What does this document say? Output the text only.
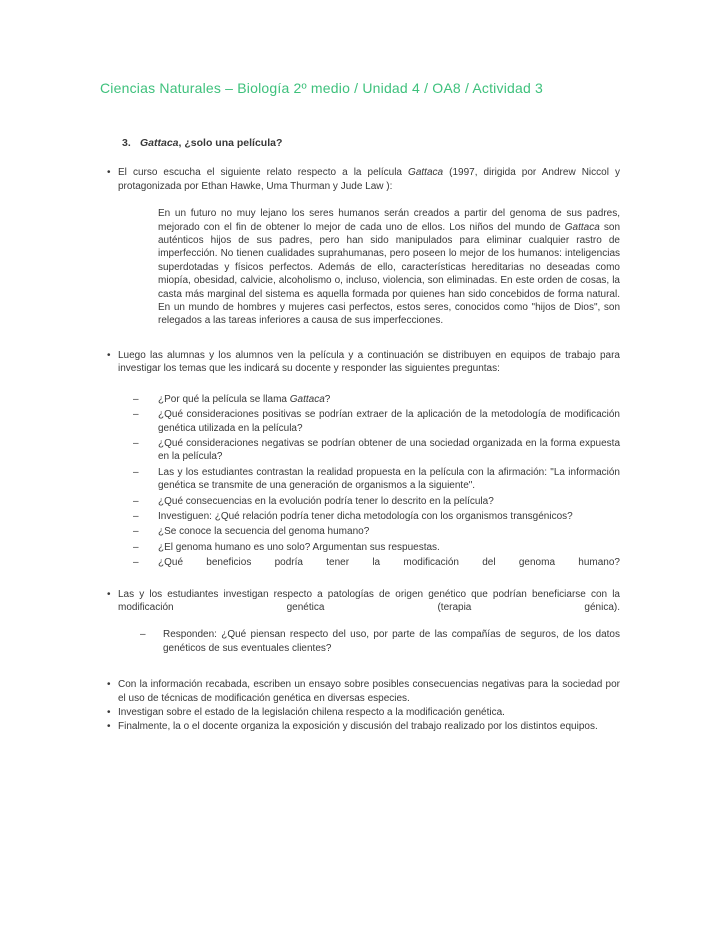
Ciencias Naturales – Biología 2º medio / Unidad 4 / OA8 / Actividad 3
3. Gattaca, ¿solo una película?
• El curso escucha el siguiente relato respecto a la película Gattaca (1997, dirigida por Andrew Niccol y protagonizada por Ethan Hawke, Uma Thurman y Jude Law ):
En un futuro no muy lejano los seres humanos serán creados a partir del genoma de sus padres, mejorado con el fin de obtener lo mejor de cada uno de ellos. Los niños del mundo de Gattaca son auténticos hijos de sus padres, pero han sido manipulados para eliminar cualquier rastro de imperfección. No tienen cualidades suprahumanas, pero poseen lo mejor de los humanos: inteligencias superdotadas y físicos perfectos. Además de ello, características hereditarias no deseadas como miopía, obesidad, calvicie, alcoholismo o, incluso, violencia, son eliminadas. En este orden de cosas, la casta más marginal del sistema es aquella formada por quienes han sido concebidos de forma natural. En un mundo de hombres y mujeres casi perfectos, estos seres, conocidos como "hijos de Dios", son relegados a las tareas inferiores a causa de sus imperfecciones.
• Luego las alumnas y los alumnos ven la película y a continuación se distribuyen en equipos de trabajo para investigar los temas que les indicará su docente y responder las siguientes preguntas:
–	¿Por qué la película se llama Gattaca?
–	¿Qué consideraciones positivas se podrían extraer de la aplicación de la metodología de modificación genética utilizada en la película?
–	¿Qué consideraciones negativas se podrían obtener de una sociedad organizada en la forma expuesta en la película?
–	Las y los estudiantes contrastan la realidad propuesta en la película con la afirmación: "La información genética se transmite de una generación de organismos a la siguiente".
–	¿Qué consecuencias en la evolución podría tener lo descrito en la película?
–	Investiguen: ¿Qué relación podría tener dicha metodología con los organismos transgénicos?
–	¿Se conoce la secuencia del genoma humano?
–	¿El genoma humano es uno solo? Argumentan sus respuestas.
–	¿Qué beneficios podría tener la modificación del genoma humano?
• Las y los estudiantes investigan respecto a patologías de origen genético que podrían beneficiarse con la modificación genética (terapia génica).
–	Responden: ¿Qué piensan respecto del uso, por parte de las compañías de seguros, de los datos genéticos de sus eventuales clientes?
• Con la información recabada, escriben un ensayo sobre posibles consecuencias negativas para la sociedad por el uso de técnicas de modificación genética en diversas especies.
• Investigan sobre el estado de la legislación chilena respecto a la modificación genética.
• Finalmente, la o el docente organiza la exposición y discusión del trabajo realizado por los distintos equipos.
